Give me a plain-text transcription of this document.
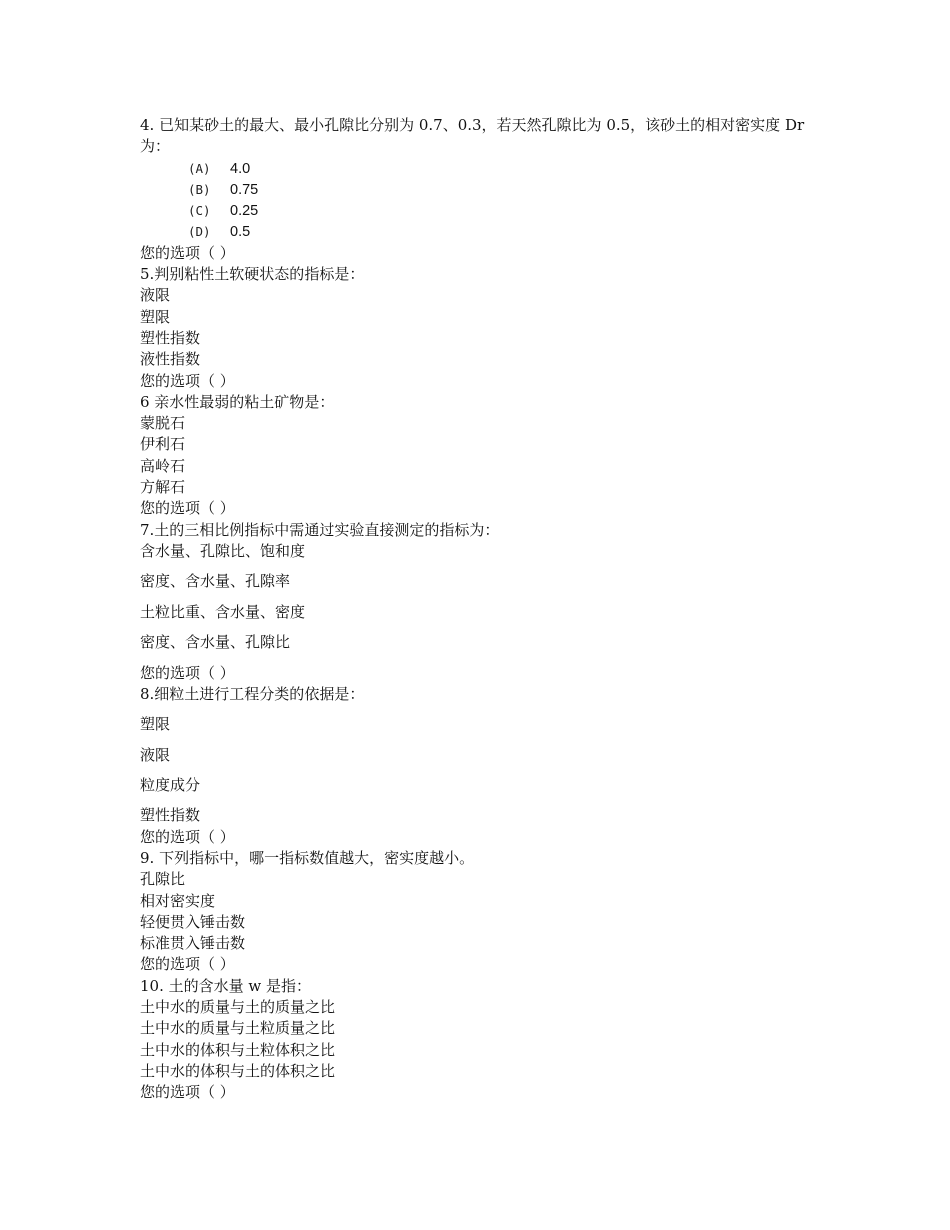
4. 已知某砂土的最大、最小孔隙比分别为 0.7、0.3，若天然孔隙比为 0.5，该砂土的相对密实度 Dr 为：
(A) 4.0
(B) 0.75
(C) 0.25
(D) 0.5
您的选项（ ）
5.判别粘性土软硬状态的指标是：
液限
塑限
塑性指数
液性指数
您的选项（ ）
6 亲水性最弱的粘土矿物是：
蒙脱石
伊利石
高岭石
方解石
您的选项（ ）
7.土的三相比例指标中需通过实验直接测定的指标为：
含水量、孔隙比、饱和度
密度、含水量、孔隙率
土粒比重、含水量、密度
密度、含水量、孔隙比
您的选项（ ）
8.细粒土进行工程分类的依据是：
塑限
液限
粒度成分
塑性指数
您的选项（ ）
9. 下列指标中，哪一指标数值越大，密实度越小。
孔隙比
相对密实度
轻便贯入锤击数
标准贯入锤击数
您的选项（ ）
10. 土的含水量 w 是指：
土中水的质量与土的质量之比
土中水的质量与土粒质量之比
土中水的体积与土粒体积之比
土中水的体积与土的体积之比
您的选项（ ）
